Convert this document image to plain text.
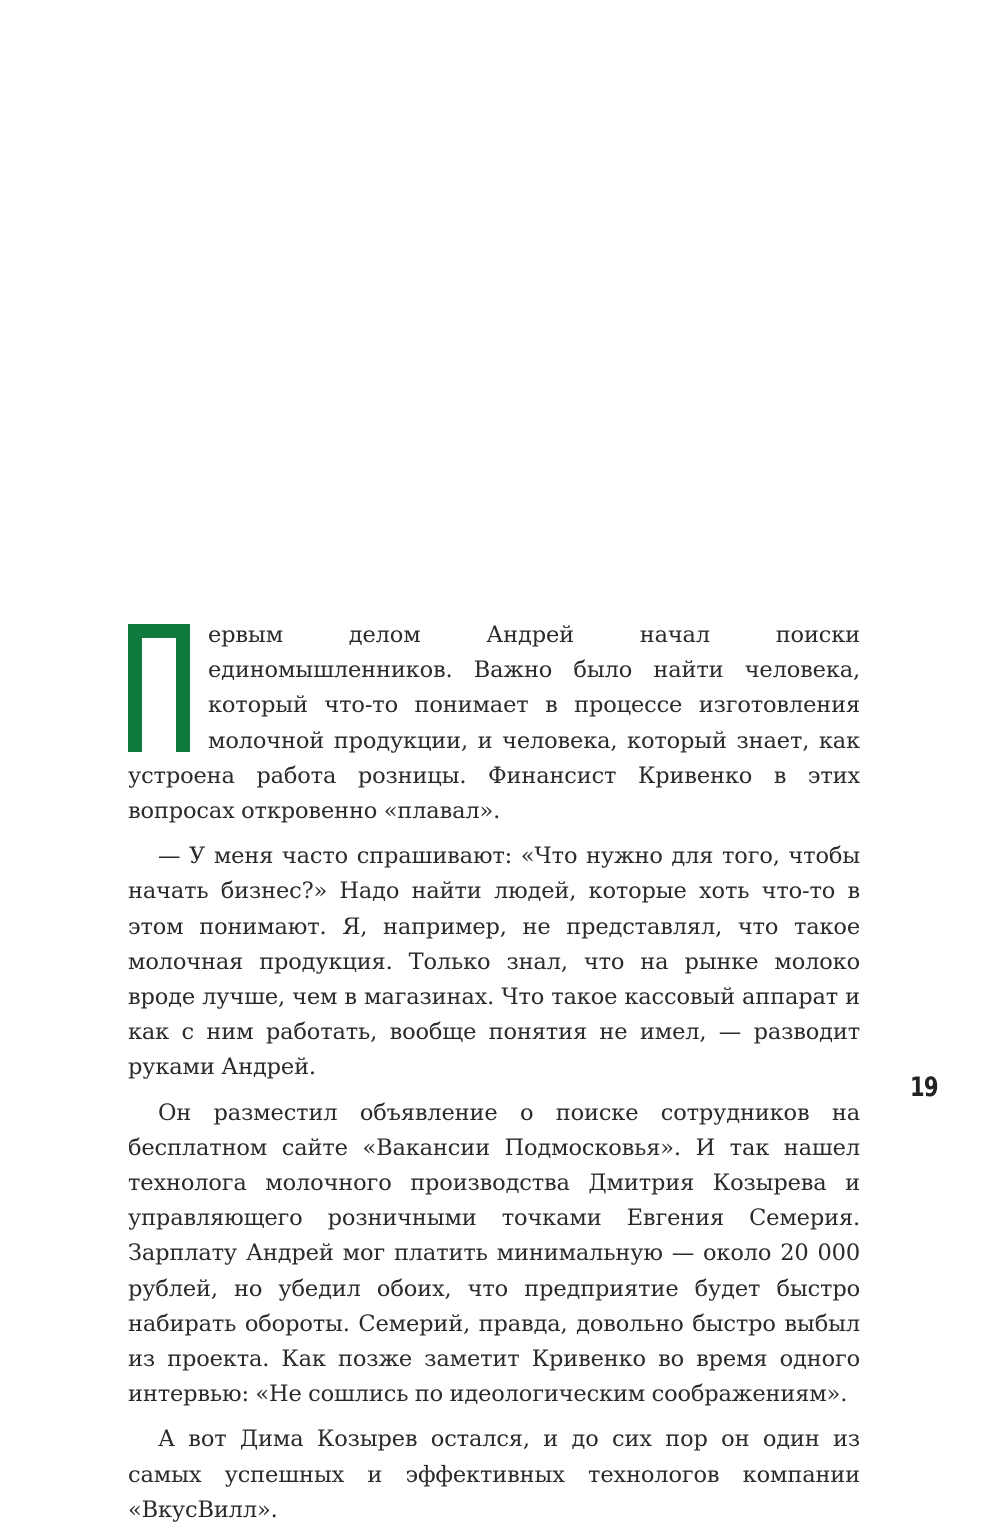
ервым делом Андрей начал поиски единомышленников. Важно было найти человека, который что-то понимает в процессе изготовления молочной продукции, и человека, который знает, как устроена работа розницы. Финансист Кривенко в этих вопросах откровенно «плавал».

— У меня часто спрашивают: «Что нужно для того, чтобы начать бизнес?» Надо найти людей, которые хоть что-то в этом понимают. Я, например, не представлял, что такое молочная продукция. Только знал, что на рынке молоко вроде лучше, чем в магазинах. Что такое кассовый аппарат и как с ним работать, вообще понятия не имел, — разводит руками Андрей.

Он разместил объявление о поиске сотрудников на бесплатном сайте «Вакансии Подмосковья». И так нашел технолога молочного производства Дмитрия Козырева и управляющего розничными точками Евгения Семерия. Зарплату Андрей мог платить минимальную — около 20 000 рублей, но убедил обоих, что предприятие будет быстро набирать обороты. Семерий, правда, довольно быстро выбыл из проекта. Как позже заметит Кривенко во время одного интервью: «Не сошлись по идеологическим соображениям».

А вот Дима Козырев остался, и до сих пор он один из самых успешных и эффективных технологов компании «ВкусВилл».

19
